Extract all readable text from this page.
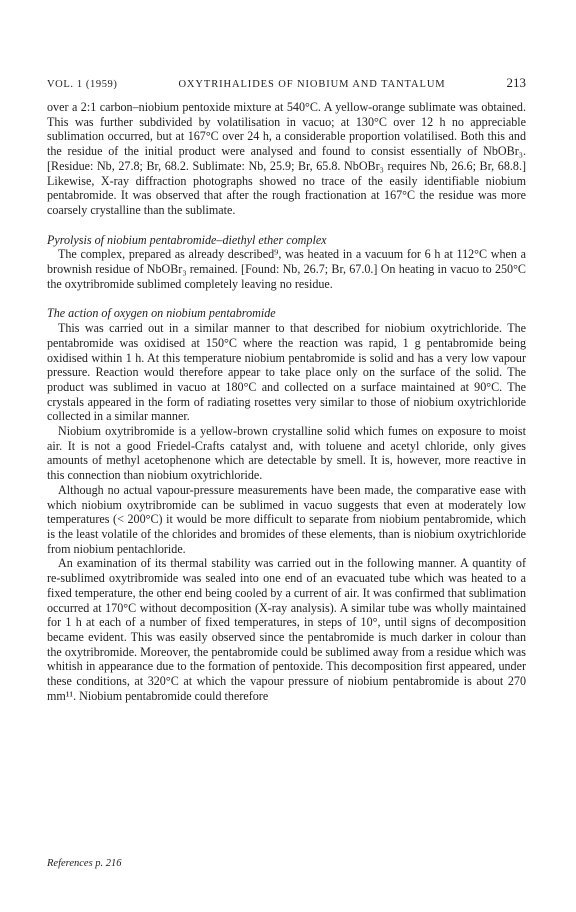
VOL. 1 (1959)	OXYTRIHALIDES OF NIOBIUM AND TANTALUM	213

over a 2:1 carbon–niobium pentoxide mixture at 540°C. A yellow-orange sublimate was obtained. This was further subdivided by volatilisation in vacuo; at 130°C over 12 h no appreciable sublimation occurred, but at 167°C over 24 h, a considerable proportion volatilised. Both this and the residue of the initial product were analysed and found to consist essentially of NbOBr₃. [Residue: Nb, 27.8; Br, 68.2. Sublimate: Nb, 25.9; Br, 65.8. NbOBr₃ requires Nb, 26.6; Br, 68.8.] Likewise, X-ray diffraction photographs showed no trace of the easily identifiable niobium pentabromide. It was observed that after the rough fractionation at 167°C the residue was more coarsely crystalline than the sublimate.

Pyrolysis of niobium pentabromide–diethyl ether complex

The complex, prepared as already described⁹, was heated in a vacuum for 6 h at 112°C when a brownish residue of NbOBr₃ remained. [Found: Nb, 26.7; Br, 67.0.] On heating in vacuo to 250°C the oxytribromide sublimed completely leaving no residue.

The action of oxygen on niobium pentabromide

This was carried out in a similar manner to that described for niobium oxytrichloride. The pentabromide was oxidised at 150°C where the reaction was rapid, 1 g pentabromide being oxidised within 1 h. At this temperature niobium pentabromide is solid and has a very low vapour pressure. Reaction would therefore appear to take place only on the surface of the solid. The product was sublimed in vacuo at 180°C and collected on a surface maintained at 90°C. The crystals appeared in the form of radiating rosettes very similar to those of niobium oxytrichloride collected in a similar manner.

Niobium oxytribromide is a yellow-brown crystalline solid which fumes on exposure to moist air. It is not a good Friedel-Crafts catalyst and, with toluene and acetyl chloride, only gives amounts of methyl acetophenone which are detectable by smell. It is, however, more reactive in this connection than niobium oxytrichloride.

Although no actual vapour-pressure measurements have been made, the comparative ease with which niobium oxytribromide can be sublimed in vacuo suggests that even at moderately low temperatures (< 200°C) it would be more difficult to separate from niobium pentabromide, which is the least volatile of the chlorides and bromides of these elements, than is niobium oxytrichloride from niobium pentachloride.

An examination of its thermal stability was carried out in the following manner. A quantity of re-sublimed oxytribromide was sealed into one end of an evacuated tube which was heated to a fixed temperature, the other end being cooled by a current of air. It was confirmed that sublimation occurred at 170°C without decomposition (X-ray analysis). A similar tube was wholly maintained for 1 h at each of a number of fixed temperatures, in steps of 10°, until signs of decomposition became evident. This was easily observed since the pentabromide is much darker in colour than the oxytribromide. Moreover, the pentabromide could be sublimed away from a residue which was whitish in appearance due to the formation of pentoxide. This decomposition first appeared, under these conditions, at 320°C at which the vapour pressure of niobium pentabromide is about 270 mm¹¹. Niobium pentabromide could therefore

References p. 216
